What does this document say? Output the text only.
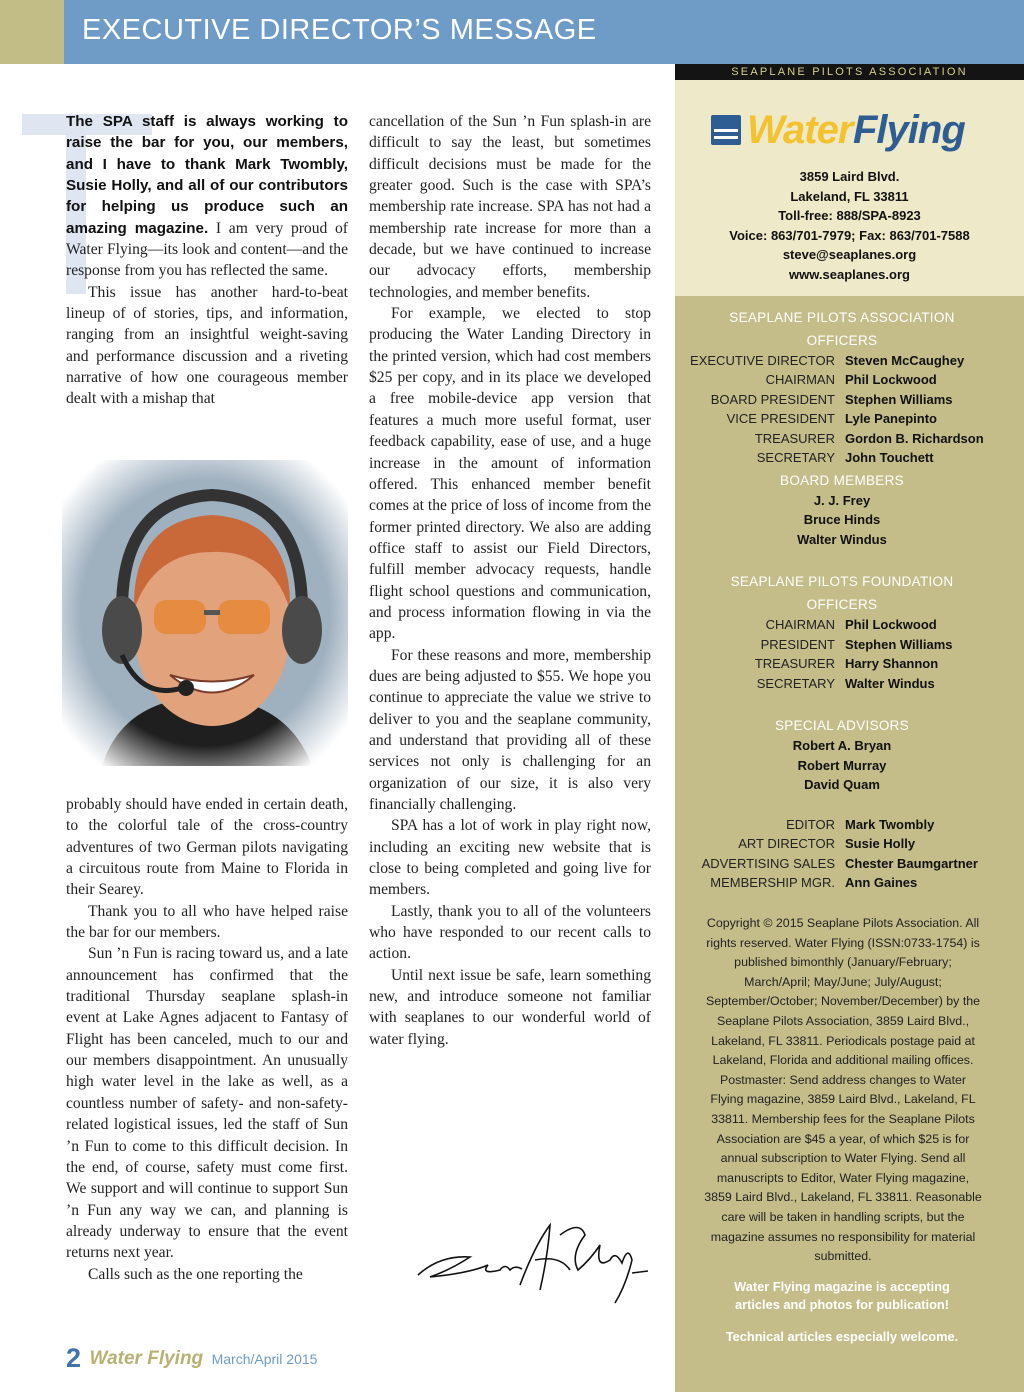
EXECUTIVE DIRECTOR’S MESSAGE
SEAPLANE PILOTS ASSOCIATION

The SPA staff is always working to raise the bar for you, our members, and I have to thank Mark Twombly, Susie Holly, and all of our contributors for helping us produce such an amazing magazine. I am very proud of Water Flying—its look and content—and the response from you has reflected the same.

This issue has another hard-to-beat lineup of of stories, tips, and information, ranging from an insightful weight-saving and performance discussion and a riveting narrative of how one courageous member dealt with a mishap that

probably should have ended in certain death, to the colorful tale of the cross-country adventures of two German pilots navigating a circuitous route from Maine to Florida in their Searey.

Thank you to all who have helped raise the bar for our members.

Sun ’n Fun is racing toward us, and a late announcement has confirmed that the traditional Thursday seaplane splash-in event at Lake Agnes adjacent to Fantasy of Flight has been canceled, much to our and our members disappointment. An unusually high water level in the lake as well, as a countless number of safety- and non-safety-related logistical issues, led the staff of Sun ’n Fun to come to this difficult decision. In the end, of course, safety must come first. We support and will continue to support Sun ’n Fun any way we can, and planning is already underway to ensure that the event returns next year.

Calls such as the one reporting the

cancellation of the Sun ’n Fun splash-in are difficult to say the least, but sometimes difficult decisions must be made for the greater good. Such is the case with SPA’s membership rate increase. SPA has not had a membership rate increase for more than a decade, but we have continued to increase our advocacy efforts, membership technologies, and member benefits.

For example, we elected to stop producing the Water Landing Directory in the printed version, which had cost members $25 per copy, and in its place we developed a free mobile-device app version that features a much more useful format, user feedback capability, ease of use, and a huge increase in the amount of information offered. This enhanced member benefit comes at the price of loss of income from the former printed directory. We also are adding office staff to assist our Field Directors, fulfill member advocacy requests, handle flight school questions and communication, and process information flowing in via the app.

For these reasons and more, membership dues are being adjusted to $55. We hope you continue to appreciate the value we strive to deliver to you and the seaplane community, and understand that providing all of these services not only is challenging for an organization of our size, it is also very financially challenging.

SPA has a lot of work in play right now, including an exciting new website that is close to being completed and going live for members.

Lastly, thank you to all of the volunteers who have responded to our recent calls to action.

Until next issue be safe, learn something new, and introduce someone not familiar with seaplanes to our wonderful world of water flying.

2 Water Flying March/April 2015
Water Flying
3859 Laird Blvd.
Lakeland, FL 33811
Toll-free: 888/SPA-8923
Voice: 863/701-7979; Fax: 863/701-7588
steve@seaplanes.org
www.seaplanes.org
SEAPLANE PILOTS ASSOCIATION
OFFICERS
EXECUTIVE DIRECTOR Steven McCaughey
CHAIRMAN Phil Lockwood
BOARD PRESIDENT Stephen Williams
VICE PRESIDENT Lyle Panepinto
TREASURER Gordon B. Richardson
SECRETARY John Touchett
BOARD MEMBERS
J. J. Frey
Bruce Hinds
Walter Windus
SEAPLANE PILOTS FOUNDATION
OFFICERS
CHAIRMAN Phil Lockwood
PRESIDENT Stephen Williams
TREASURER Harry Shannon
SECRETARY Walter Windus
SPECIAL ADVISORS
Robert A. Bryan
Robert Murray
David Quam
EDITOR Mark Twombly
ART DIRECTOR Susie Holly
ADVERTISING SALES Chester Baumgartner
MEMBERSHIP MGR. Ann Gaines

Copyright © 2015 Seaplane Pilots Association. All rights reserved. Water Flying (ISSN:0733-1754) is published bimonthly (January/February; March/April; May/June; July/August; September/October; November/December) by the Seaplane Pilots Association, 3859 Laird Blvd., Lakeland, FL 33811. Periodicals postage paid at Lakeland, Florida and additional mailing offices. Postmaster: Send address changes to Water Flying magazine, 3859 Laird Blvd., Lakeland, FL 33811. Membership fees for the Seaplane Pilots Association are $45 a year, of which $25 is for annual subscription to Water Flying. Send all manuscripts to Editor, Water Flying magazine, 3859 Laird Blvd., Lakeland, FL 33811. Reasonable care will be taken in handling scripts, but the magazine assumes no responsibility for material submitted.

Water Flying magazine is accepting
articles and photos for publication!
Technical articles especially welcome.
